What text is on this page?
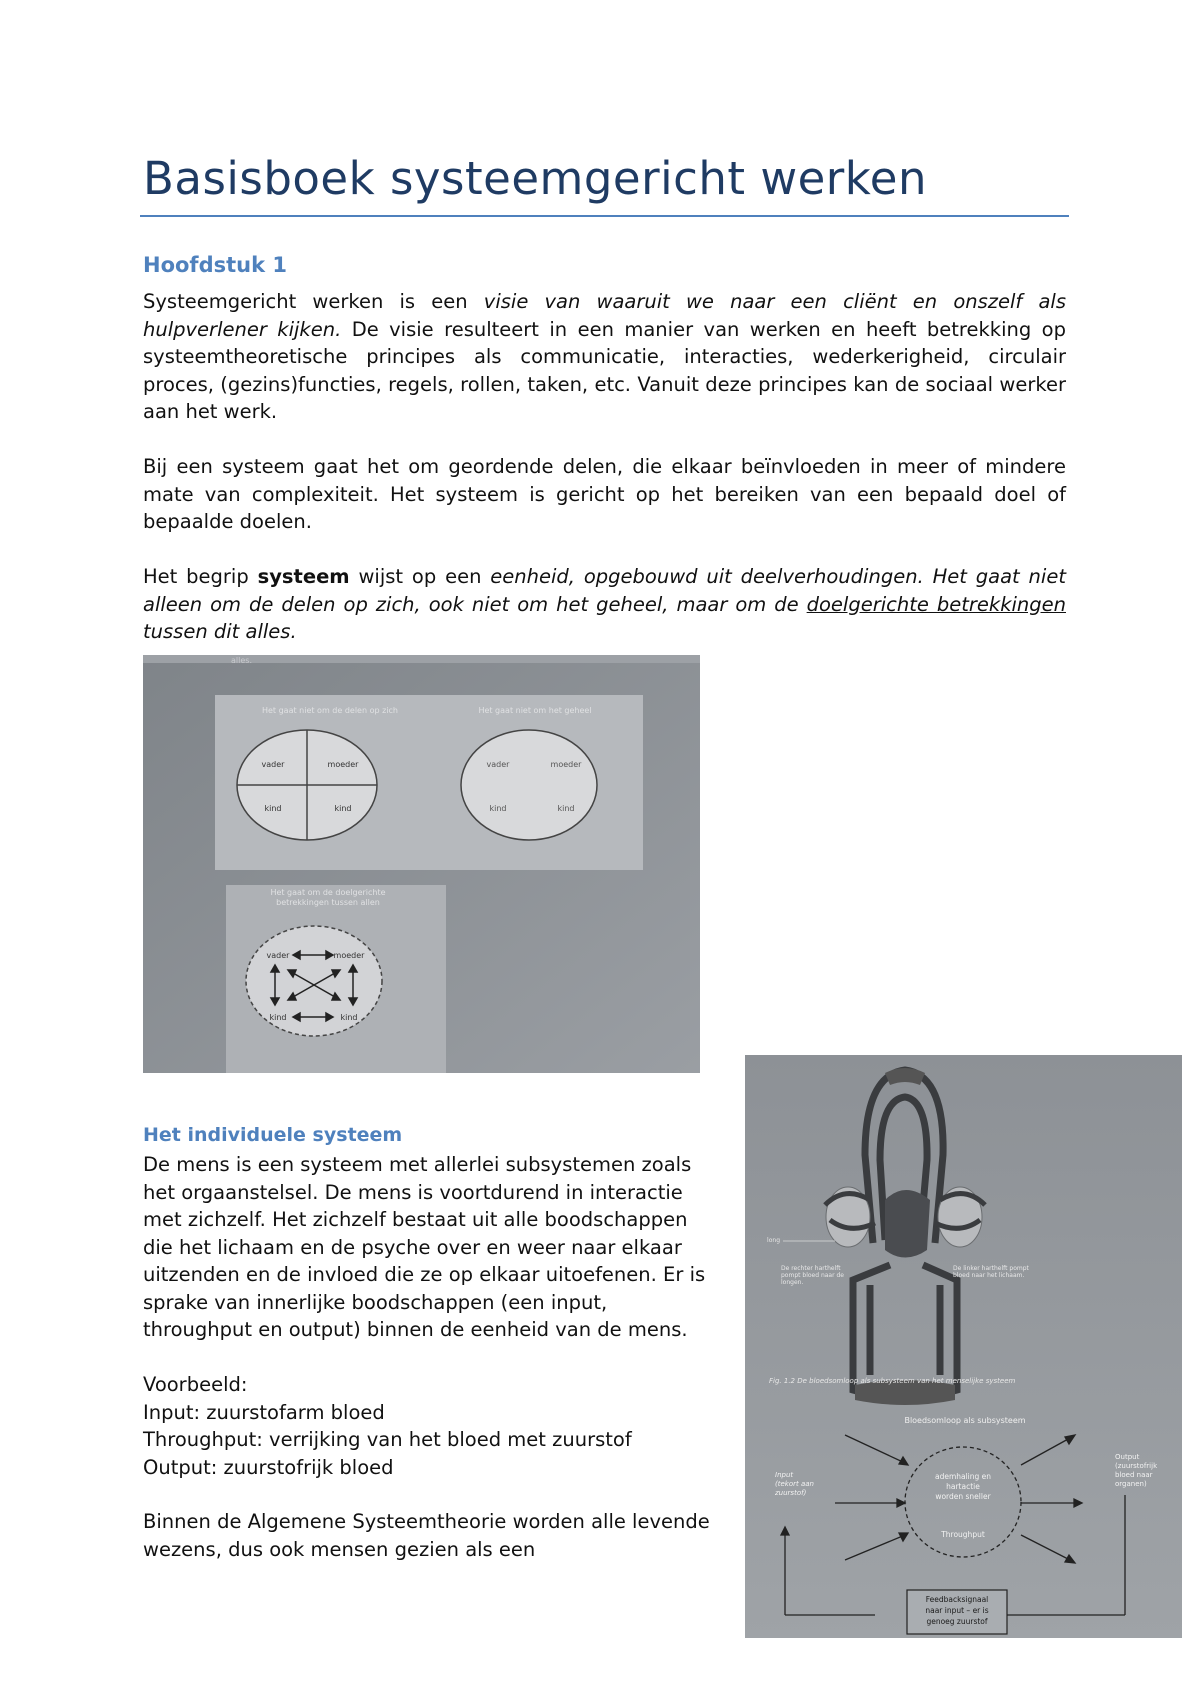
Basisboek systeemgericht werken
Hoofdstuk 1

Systeemgericht werken is een visie van waaruit we naar een cliënt en onszelf als hulpverlener kijken. De visie resulteert in een manier van werken en heeft betrekking op systeemtheoretische principes als communicatie, interacties, wederkerigheid, circulair proces, (gezins)functies, regels, rollen, taken, etc. Vanuit deze principes kan de sociaal werker aan het werk.

Bij een systeem gaat het om geordende delen, die elkaar beïnvloeden in meer of mindere mate van complexiteit. Het systeem is gericht op het bereiken van een bepaald doel of bepaalde doelen.

Het begrip systeem wijst op een eenheid, opgebouwd uit deelverhoudingen. Het gaat niet alleen om de delen op zich, ook niet om het geheel, maar om de doelgerichte betrekkingen tussen dit alles.

alles.
Het gaat niet om de delen op zich
vader	moeder
kind	kind
Het gaat niet om het geheel
vader	moeder
kind	kind
Het gaat om de doelgerichte
betrekkingen tussen allen
vader	moeder
kind	kind
Het individuele systeem

De mens is een systeem met allerlei subsystemen zoals het orgaanstelsel. De mens is voortdurend in interactie met zichzelf. Het zichzelf bestaat uit alle boodschappen die het lichaam en de psyche over en weer naar elkaar uitzenden en de invloed die ze op elkaar uitoefenen. Er is sprake van innerlijke boodschappen (een input, throughput en output) binnen de eenheid van de mens.

Voorbeeld:
Input: zuurstofarm bloed
Throughput: verrijking van het bloed met zuurstof
Output: zuurstofrijk bloed

Binnen de Algemene Systeemtheorie worden alle levende wezens, dus ook mensen gezien als een

long
De rechter harthelft
pompt bloed naar de
longen.
De linker harthelft pompt
bloed naar het lichaam.
Fig. 1.2 De bloedsomloop als subsysteem van het menselijke systeem
Bloedsomloop als subsysteem
ademhaling en
hartactie
worden sneller
Throughput
Input
(tekort aan
zuurstof)
Output
(zuurstofrijk
bloed naar
organen)
Feedbacksignaal
naar input – er is
genoeg zuurstof
